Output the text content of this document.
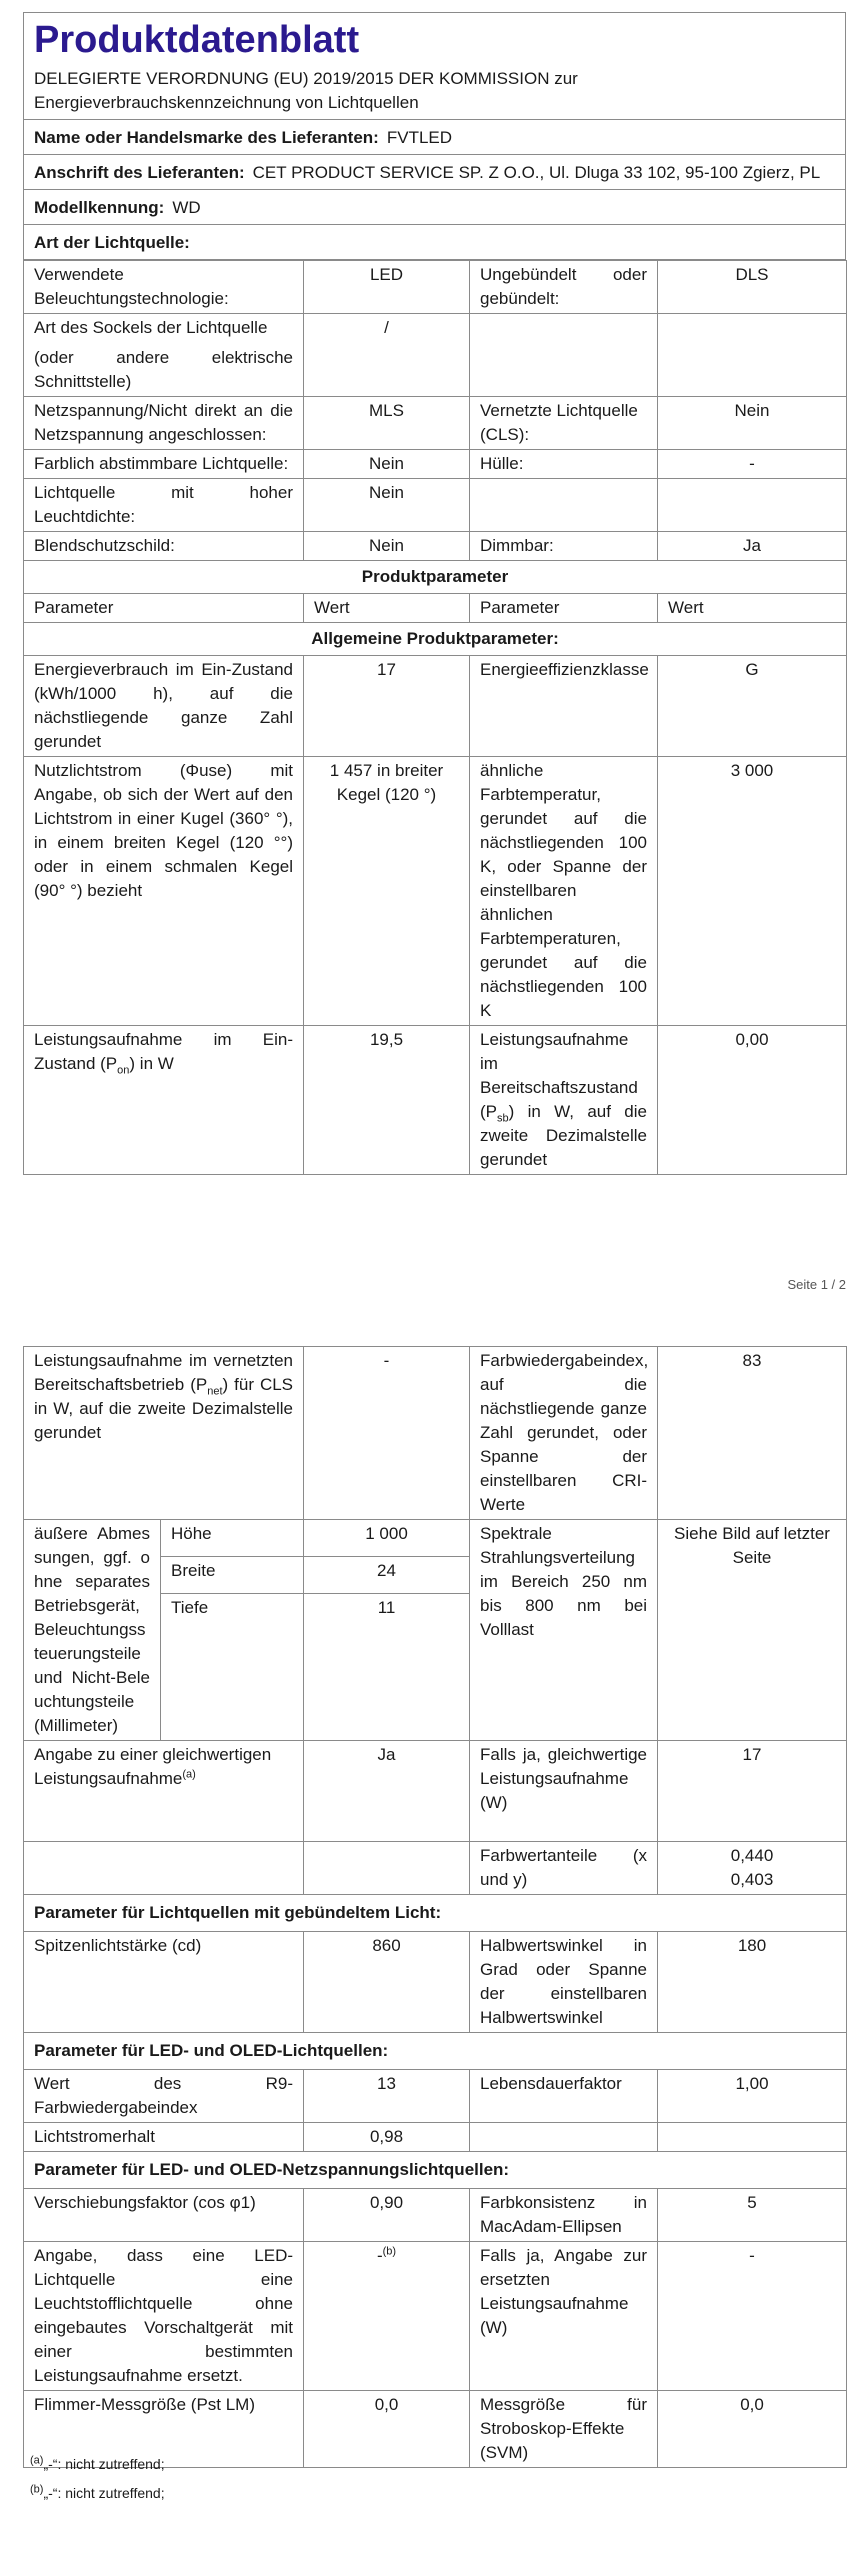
Produktdatenblatt
DELEGIERTE VERORDNUNG (EU) 2019/2015 DER KOMMISSION zur Energieverbrauchskennzeichnung von Lichtquellen
Name oder Handelsmarke des Lieferanten: FVTLED
Anschrift des Lieferanten: CET PRODUCT SERVICE SP. Z O.O., Ul. Dluga 33 102, 95-100 Zgierz, PL
Modellkennung: WD
Art der Lichtquelle:
Verwendete Beleuchtungstechnologie:	LED	Ungebündelt oder gebündelt:	DLS

Art des Sockels der Lichtquelle
(oder andere elektrische Schnittstelle)	/		
Netzspannung/Nicht direkt an die Netzspannung angeschlossen:	MLS	Vernetzte Lichtquelle (CLS):	Nein
Farblich abstimmbare Lichtquelle:	Nein	Hülle:	-
Lichtquelle mit hoher Leuchtdichte:	Nein		
Blendschutzschild:	Nein	Dimmbar:	Ja
Produktparameter			
Parameter	Wert	Parameter	Wert
Allgemeine Produktparameter:			
Energieverbrauch im Ein-Zustand (kWh/1000 h), auf die nächstliegende ganze Zahl gerundet	17	Energieeffizienzklasse	G
Nutzlichtstrom (Φuse) mit Angabe, ob sich der Wert auf den Lichtstrom in einer Kugel (360° °), in einem breiten Kegel (120 °°) oder in einem schmalen Kegel (90° °) bezieht	1 457 in breiter Kegel (120 °)	ähnliche Farbtemperatur, gerundet auf die nächstliegenden 100 K, oder Spanne der einstellbaren ähnlichen Farbtemperaturen, gerundet auf die nächstliegenden 100 K	3 000
Leistungsaufnahme im Ein-Zustand $(P_{on})$ in W	19,5	Leistungsaufnahme im Bereitschaftszustand $(P_{sb})$ in W, auf die zweite Dezimalstelle gerundet	0,00
Seite 1 / 2
Leistungsaufnahme im vernetzten Bereitschaftsbetrieb $(P_{net})$ für CLS in W, auf die zweite Dezimalstelle gerundet		-	Farbwiedergabeindex, auf die nächstliegende ganze Zahl gerundet, oder Spanne der einstellbaren CRI-Werte	83
äußere Abmessungen, ggf. ohne separates Betriebsgerät, Beleuchtungssteuerungsteile und Nicht-Beleuchtungsteile (Millimeter)	Höhe	1 000	Spektrale Strahlungsverteilung im Bereich 250 nm bis 800 nm bei Volllast	Siehe Bild auf letzter Seite
	Breite	24		
	Tiefe	11		

Angabe zu einer gleichwertigen Leistungsaufnahme$^{(a)}$		Ja	Falls ja, gleichwertige Leistungsaufnahme (W)	17
			Farbwertanteile (x und y)	0,440
0,403

Parameter für Lichtquellen mit gebündeltem Licht:				
Spitzenlichtstärke (cd)		860	Halbwertswinkel in Grad oder Spanne der einstellbaren Halbwertswinkel	180
Parameter für LED- und OLED-Lichtquellen:				
Wert des R9-Farbwiedergabeindex		13	Lebensdauerfaktor	1,00
Lichtstromerhalt		0,98		
Parameter für LED- und OLED-Netzspannungslichtquellen:				
Verschiebungsfaktor (cos φ1)		0,90	Farbkonsistenz in MacAdam-Ellipsen	5
Angabe, dass eine LED-Lichtquelle eine Leuchtstofflichtquelle ohne eingebautes Vorschaltgerät mit einer bestimmten Leistungsaufnahme ersetzt.		-$^{(b)}$	Falls ja, Angabe zur ersetzten Leistungsaufnahme (W)	-
Flimmer-Messgröße (Pst LM)		0,0	Messgröße für Stroboskop-Effekte (SVM)	0,0
$^{(a)}$„-“: nicht zutreffend;
$^{(b)}$„-“: nicht zutreffend;
